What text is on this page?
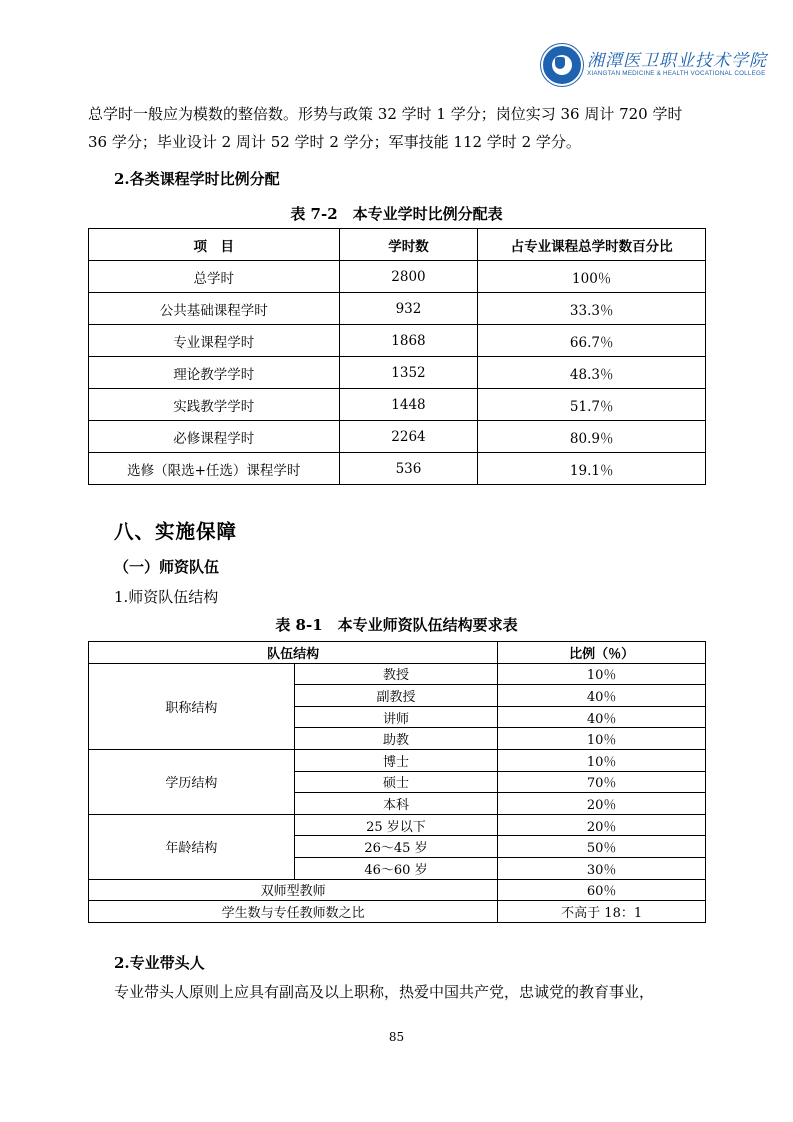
湘潭医卫职业技术学院
XIANGTAN MEDICINE & HEALTH VOCATIONAL COLLEGE
总学时一般应为模数的整倍数。形势与政策 32 学时 1 学分；岗位实习 36 周计 720 学时
36 学分；毕业设计 2 周计 52 学时 2 学分；军事技能 112 学时 2 学分。
2.各类课程学时比例分配
表 7-2　本专业学时比例分配表
项　目	学时数	占专业课程总学时数百分比
总学时	2800	100％
公共基础课程学时	932	33.3％
专业课程学时	1868	66.7％
理论教学学时	1352	48.3％
实践教学学时	1448	51.7％
必修课程学时	2264	80.9％
选修（限选+任选）课程学时	536	19.1％
八、实施保障
（一）师资队伍
1.师资队伍结构
表 8-1　本专业师资队伍结构要求表
队伍结构		比例（％）
职称结构	教授	10％
	副教授	40％
	讲师	40％
	助教	10％
学历结构	博士	10％
	硕士	70％
	本科	20％
年龄结构	25 岁以下	20％
	26～45 岁	50％
	46～60 岁	30％
双师型教师		60％
学生数与专任教师数之比		不高于 18：1
2.专业带头人
专业带头人原则上应具有副高及以上职称，热爱中国共产党，忠诚党的教育事业，
85
